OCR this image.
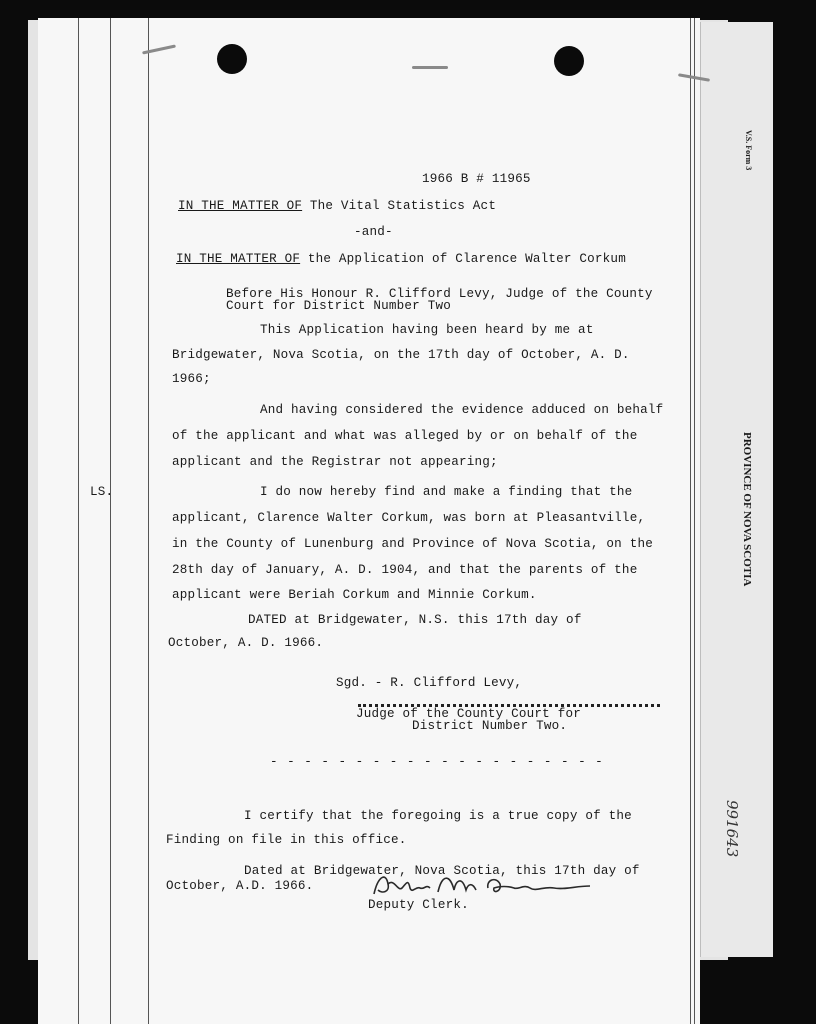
V.S. Form 3
PROVINCE OF NOVA SCOTIA
991643
1966 B # 11965
IN THE MATTER OF The Vital Statistics Act
-and-
IN THE MATTER OF the Application of Clarence Walter Corkum
Before His Honour R. Clifford Levy, Judge of the County
Court for District Number Two
This Application having been heard by me at
Bridgewater, Nova Scotia, on the 17th day of October, A. D.
1966;
And having considered the evidence adduced on behalf
of the applicant and what was alleged by or on behalf of the
applicant and the Registrar not appearing;
LS.	I do now hereby find and make a finding that the
applicant, Clarence Walter Corkum, was born at Pleasantville,
in the County of Lunenburg and Province of Nova Scotia, on the
28th day of January, A. D. 1904, and that the parents of the
applicant were Beriah Corkum and Minnie Corkum.
DATED at Bridgewater, N.S. this 17th day of
October, A. D. 1966.
Sgd. - R. Clifford Levy,
Judge of the County Court for
District Number Two.
- - - - - - - - - - - - - - - - - - - -
I certify that the foregoing is a true copy of the
Finding on file in this office.
Dated at Bridgewater, Nova Scotia, this 17th day of
October, A.D. 1966.
Deputy Clerk.
